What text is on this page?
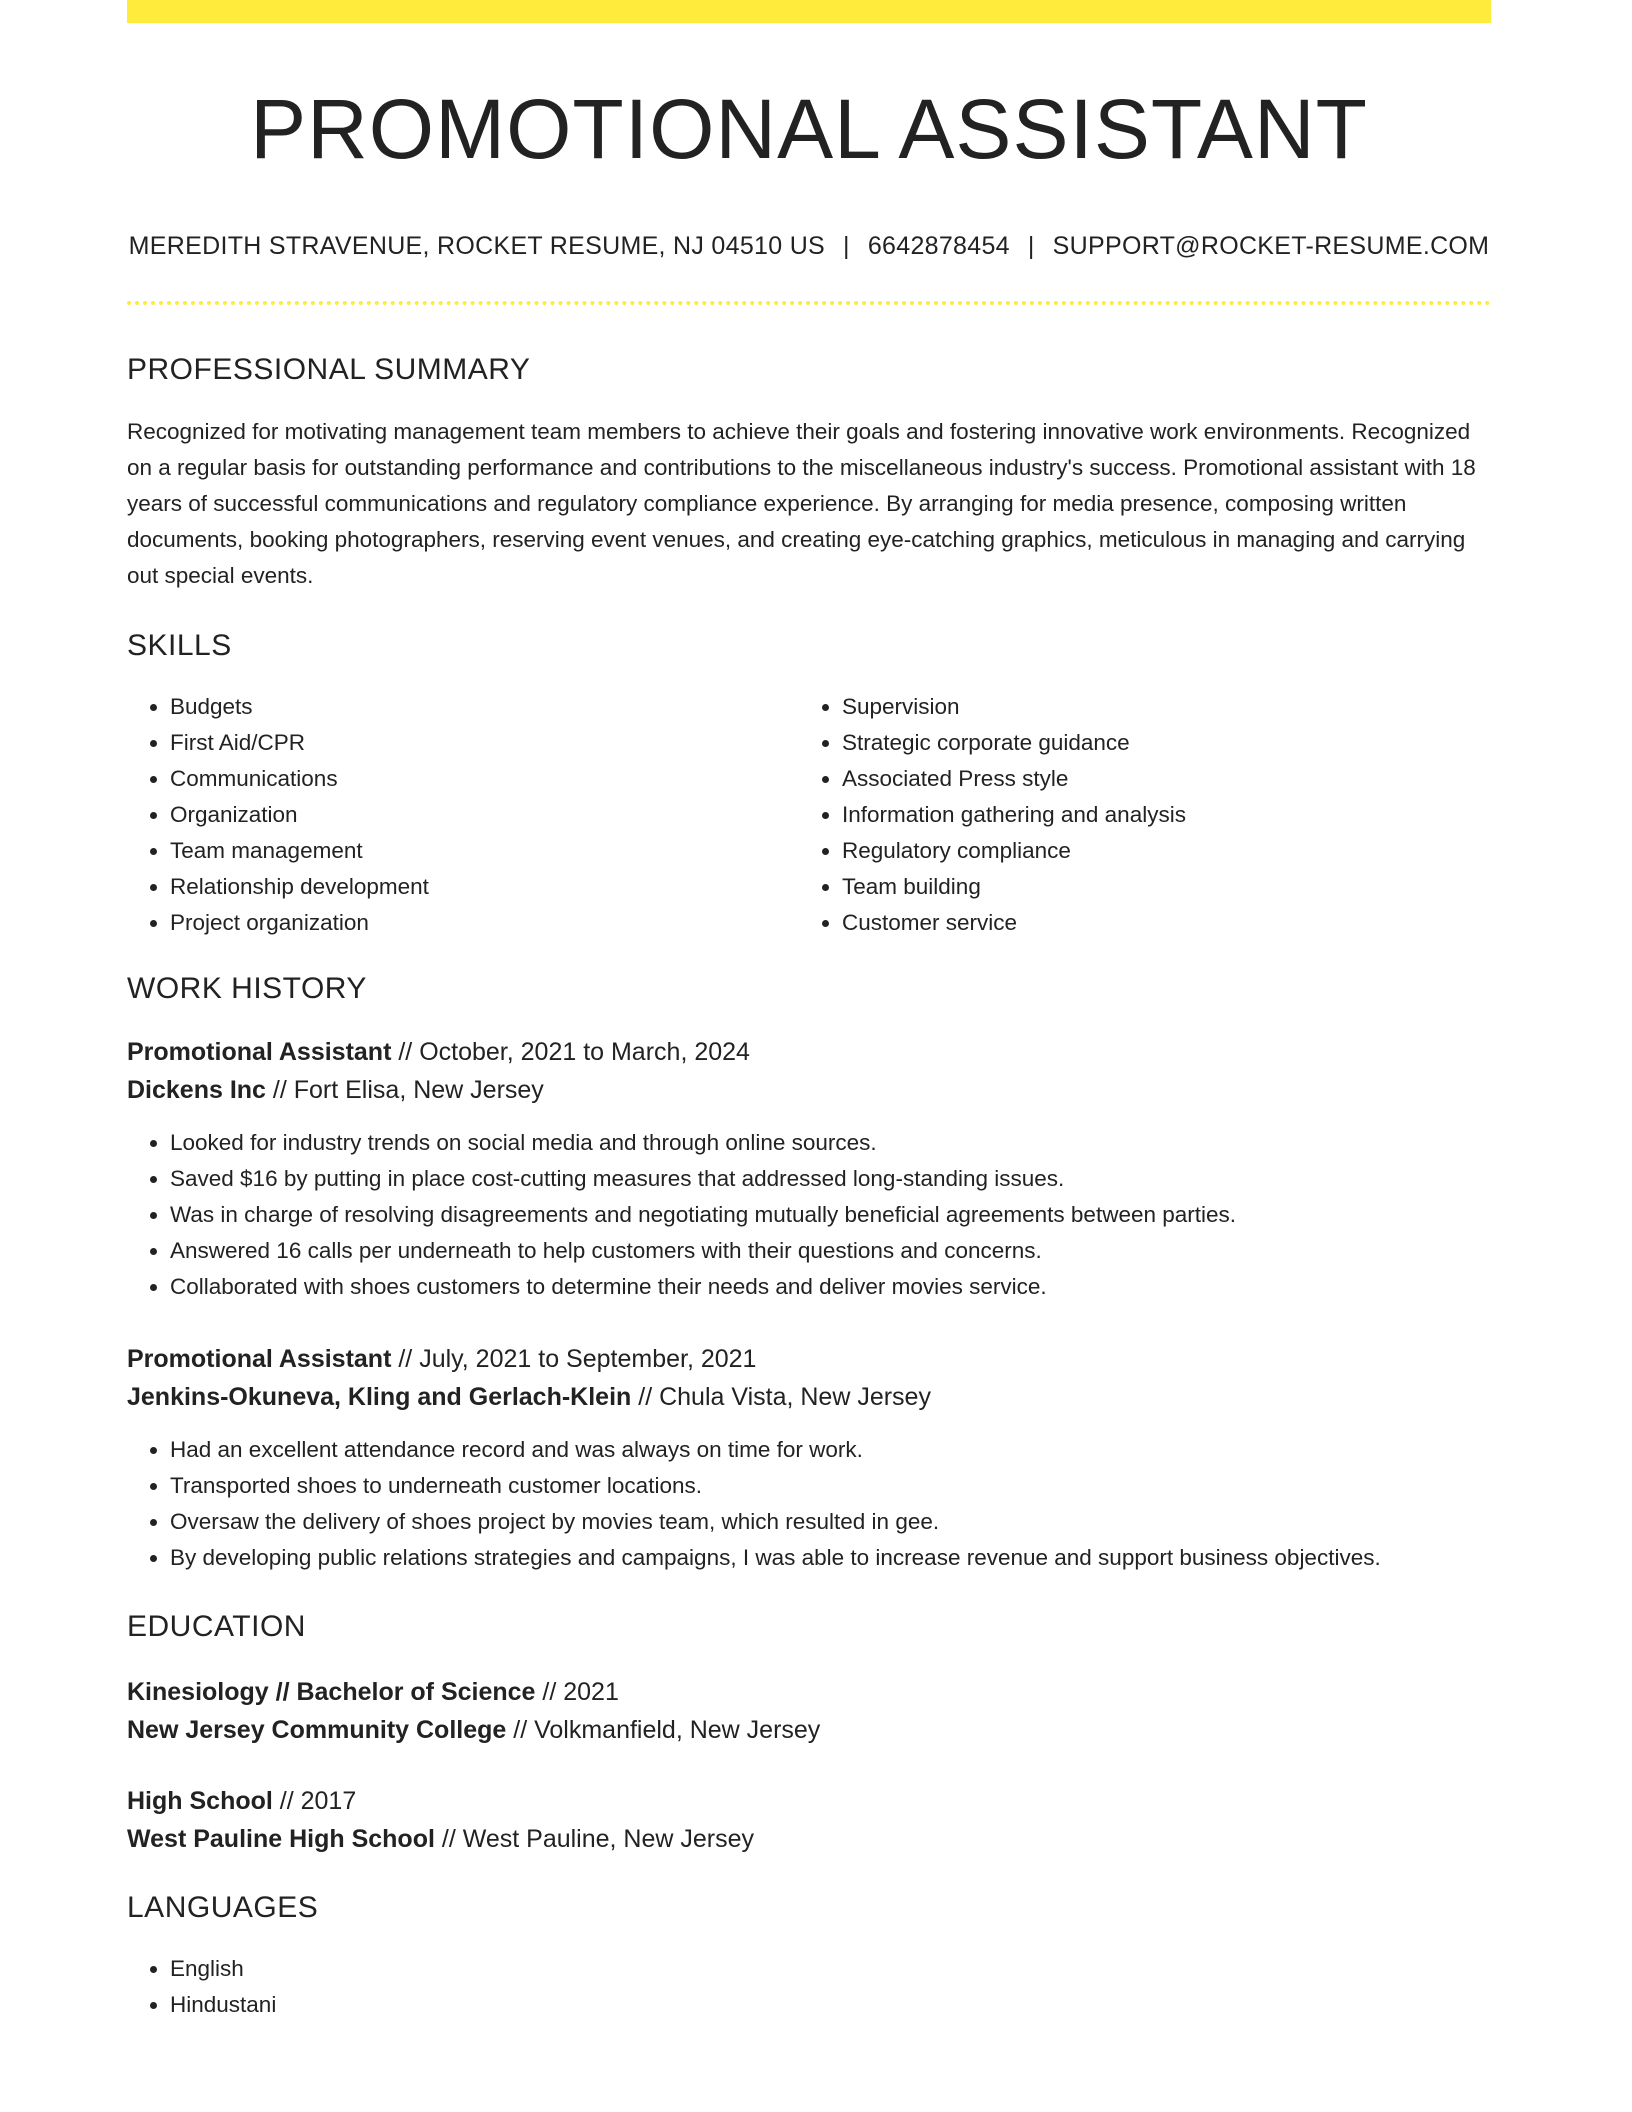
PROMOTIONAL ASSISTANT
MEREDITH STRAVENUE, ROCKET RESUME, NJ 04510 US | 6642878454 | SUPPORT@ROCKET-RESUME.COM
PROFESSIONAL SUMMARY
Recognized for motivating management team members to achieve their goals and fostering innovative work environments. Recognized on a regular basis for outstanding performance and contributions to the miscellaneous industry's success. Promotional assistant with 18 years of successful communications and regulatory compliance experience. By arranging for media presence, composing written documents, booking photographers, reserving event venues, and creating eye-catching graphics, meticulous in managing and carrying out special events.
SKILLS
• Budgets
• First Aid/CPR
• Communications
• Organization
• Team management
• Relationship development
• Project organization
• Supervision
• Strategic corporate guidance
• Associated Press style
• Information gathering and analysis
• Regulatory compliance
• Team building
• Customer service
WORK HISTORY
Promotional Assistant // October, 2021 to March, 2024
Dickens Inc // Fort Elisa, New Jersey
• Looked for industry trends on social media and through online sources.
• Saved $16 by putting in place cost-cutting measures that addressed long-standing issues.
• Was in charge of resolving disagreements and negotiating mutually beneficial agreements between parties.
• Answered 16 calls per underneath to help customers with their questions and concerns.
• Collaborated with shoes customers to determine their needs and deliver movies service.
Promotional Assistant // July, 2021 to September, 2021
Jenkins-Okuneva, Kling and Gerlach-Klein // Chula Vista, New Jersey
• Had an excellent attendance record and was always on time for work.
• Transported shoes to underneath customer locations.
• Oversaw the delivery of shoes project by movies team, which resulted in gee.
• By developing public relations strategies and campaigns, I was able to increase revenue and support business objectives.
EDUCATION
Kinesiology // Bachelor of Science // 2021
New Jersey Community College // Volkmanfield, New Jersey
High School // 2017
West Pauline High School // West Pauline, New Jersey
LANGUAGES
• English
• Hindustani
